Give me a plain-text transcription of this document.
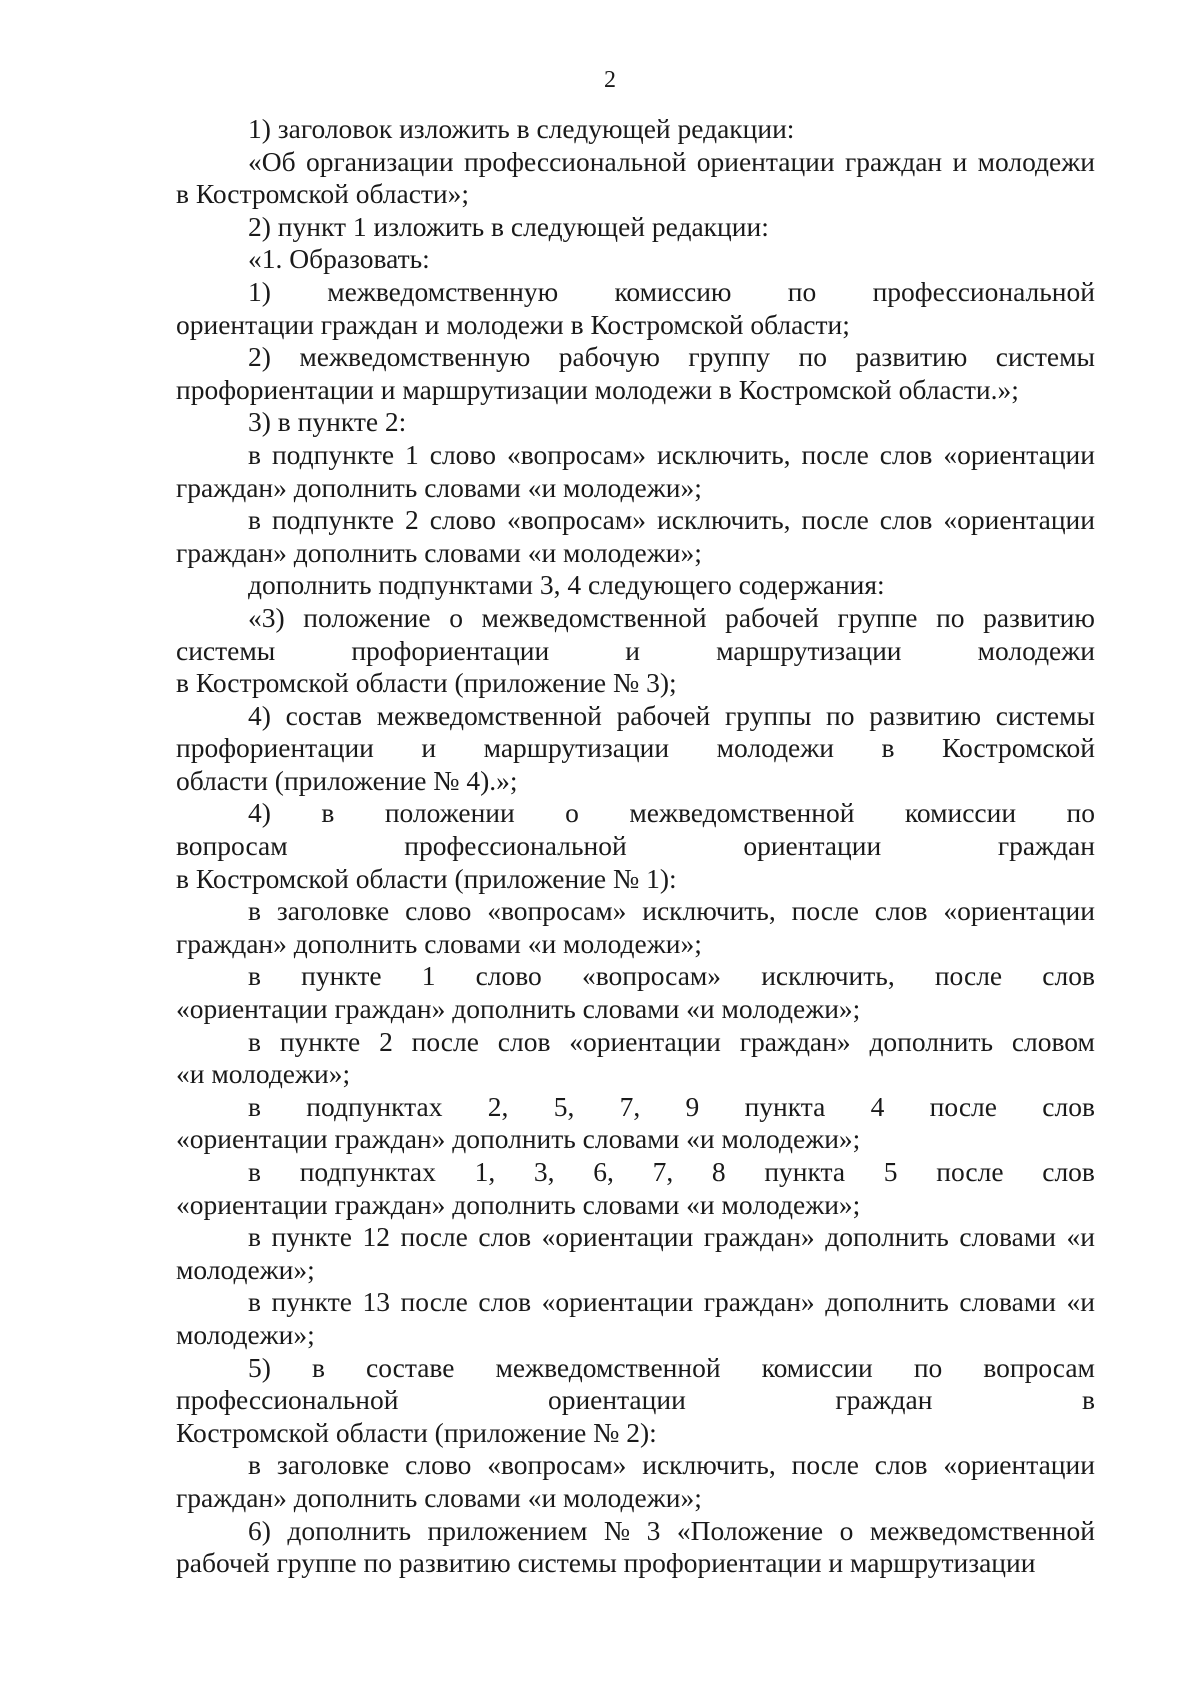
2
1) заголовок изложить в следующей редакции:
«Об организации профессиональной ориентации граждан и молодежи
в Костромской области»;
2) пункт 1 изложить в следующей редакции:
«1. Образовать:
1) межведомственную комиссию по профессиональной
ориентации граждан и молодежи в Костромской области;
2) межведомственную рабочую группу по развитию системы
профориентации и маршрутизации молодежи в Костромской области.»;
3) в пункте 2:
в подпункте 1 слово «вопросам» исключить, после слов «ориентации
граждан» дополнить словами «и молодежи»;
в подпункте 2 слово «вопросам» исключить, после слов «ориентации
граждан» дополнить словами «и молодежи»;
дополнить подпунктами 3, 4 следующего содержания:
«3) положение о межведомственной рабочей группе по развитию
системы	профориентации	и	маршрутизации	молодежи
в Костромской области (приложение № 3);
4) состав межведомственной рабочей группы по развитию системы
профориентации и маршрутизации молодежи в Костромской
области (приложение № 4).»;
4) в положении о межведомственной комиссии по
вопросам	профессиональной	ориентации	граждан
в Костромской области (приложение № 1):
в заголовке слово «вопросам» исключить, после слов «ориентации
граждан» дополнить словами «и молодежи»;
в пункте 1 слово «вопросам» исключить, после слов
«ориентации граждан» дополнить словами «и молодежи»;
в пункте 2 после слов «ориентации граждан» дополнить словом
«и молодежи»;
в подпунктах 2, 5, 7, 9 пункта 4 после слов
«ориентации граждан» дополнить словами «и молодежи»;
в подпунктах 1, 3, 6, 7, 8 пункта 5 после слов
«ориентации граждан» дополнить словами «и молодежи»;
в пункте 12 после слов «ориентации граждан» дополнить словами «и
молодежи»;
в пункте 13 после слов «ориентации граждан» дополнить словами «и
молодежи»;
5) в составе межведомственной комиссии по вопросам
профессиональной	ориентации	граждан	в
Костромской области (приложение № 2):
в заголовке слово «вопросам» исключить, после слов «ориентации
граждан» дополнить словами «и молодежи»;
6) дополнить приложением № 3 «Положение о межведомственной
рабочей группе по развитию системы профориентации и маршрутизации
